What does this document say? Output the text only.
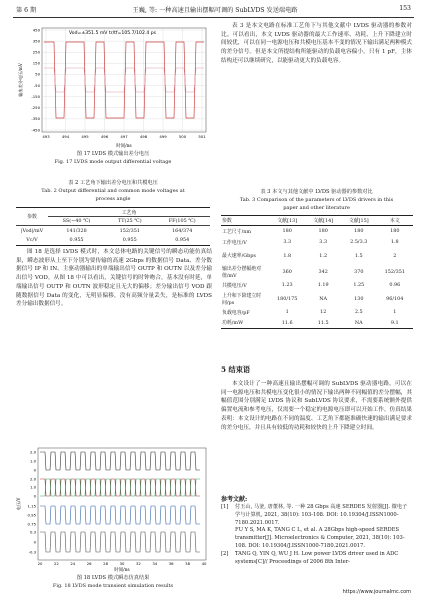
第 6 期	王巍, 等: 一种高速且输出摆幅可调的 SubLVDS 发送端电路	153
Vod=±351.5 mV tr/tf=105.7/102.4 ps
450
350
250
150
50
-50
-150
-250
-350
-450
493	494	495	496	497	498	499	500	501
输出差分电压/mV
时间/ns
图 17 LVDS 模式输出差分电压
Fig. 17 LVDS mode output differential voltage
表 2 工艺角下输出差分电压和共模电压
Tab. 2 Output differential and common mode voltages at
process angle
参数	工艺角		
	SS(−40 ℃)	TT(25 ℃)	FF(105 ℃)
|Vod|/mV	141/328	152/351	164/374
Vc/V	0.955	0.955	0.954
图 18 是选择 LVDS 模式时，本文总体电路的关键信号的瞬态功能仿真结果，瞬态波形从上至下分别为要传输的高速 2Gbps 的数据信号 Data、差分数据信号 IP 和 IN、主驱动器输出的单端输出信号 OUTP 和 OUTN 以及差分输出信号 VOD。从图 18 中可以看出，关键信号的时钟吻合，基本没有时延，单端输出信号 OUTP 和 OUTN 波形稳定且无大的偏移；差分输出信号 VOD 跟随数据信号 Data 的变化，无明显偏移，没有高频分量丢失，是标准的 LVDS 差分输出数据信号。
2.0
1.0
0
2.0
1.0
0
1.15
0.95
0.75
0.3
0
-0.3
20	22	24	26	28	30	32	34	36	38	40
电压/V
时间/ns
图 18 LVDS 模式瞬态仿真结果
Fig. 18 LVDS mode transient simulation results
表 3 是本文电路在标准工艺角下与其他文献中 LVDS 驱动器的参数对比。可以看出，本文 LVDS 驱动器的最大工作速率、功耗、上升下降建立时间较优，可以在同一电源电压和共模电压基本不变的情况下输出满足两种模式的差分信号。但是本文所提结构所能驱动的负载电容偏小，只有 1 pF，主体结构还可以继续研究，以能驱动更大的负载电容。
表 3 本文与其他文献中 LVDS 驱动器的参数对比
Tab. 3 Comparison of the parameters of LVDS drivers in this
paper and other literature
参数	文献[13]	文献[14]	文献[15]	本文
工艺尺寸/nm	180	180	180	180
工作电压/V	3.3	3.3	2.5/3.3	1.8
最大速率/Gbps	1.8	1.2	1.5	2
输出差分摆幅绝对值/mV	360	342	370	152/351
共模电压/V	1.23	1.19	1.25	0.96
上升和下降建立时间/ps	180/175	NA	130	96/104
负载电容/pF	1	12	2.5	1
功耗/mW	11.6	11.5	NA	9.1
5 结束语
本文设计了一种高速且输出摆幅可调的 SubLVDS 驱动器电路，可以在同一电源电压和共模电压变化很小的情况下输出两种不同幅值的差分摆幅，其幅值范围分别满足 LVDS 协议和 SubLVDS 协议要求，不需要系统额外提供偏置电流和参考电压，仅需要一个稳定的电源电压即可以开始工作。仿真结果表明：本文设计的电路在不同的温度、工艺角下都能准确快速的输出满足要求的差分电压，并且具有较低的功耗和较快的上升下降建立时间。
参考文献:
[1] 付玉山, 马釜, 唐董林, 等. 一种 28 Gbps 高速 SERDES 发射器[J]. 微电子学与计算机, 2021, 38(10): 103-108. DOI: 10.19304/J.ISSN1000-7180.2021.0017.
FU Y S, MA K, TANG C L, et al. A 28Gbps high-speed SERDES transmitter[J]. Microelectronics & Computer, 2021, 38(10): 103-108. DOI: 10.19304/J.ISSN1000-7180.2021.0017.
[2] TANG Q, YIN Q, WU J H. Low power LVDS driver used in ADC systems[C]// Proceedings of 2006 8th Inter-
https://www.journalmc.com
